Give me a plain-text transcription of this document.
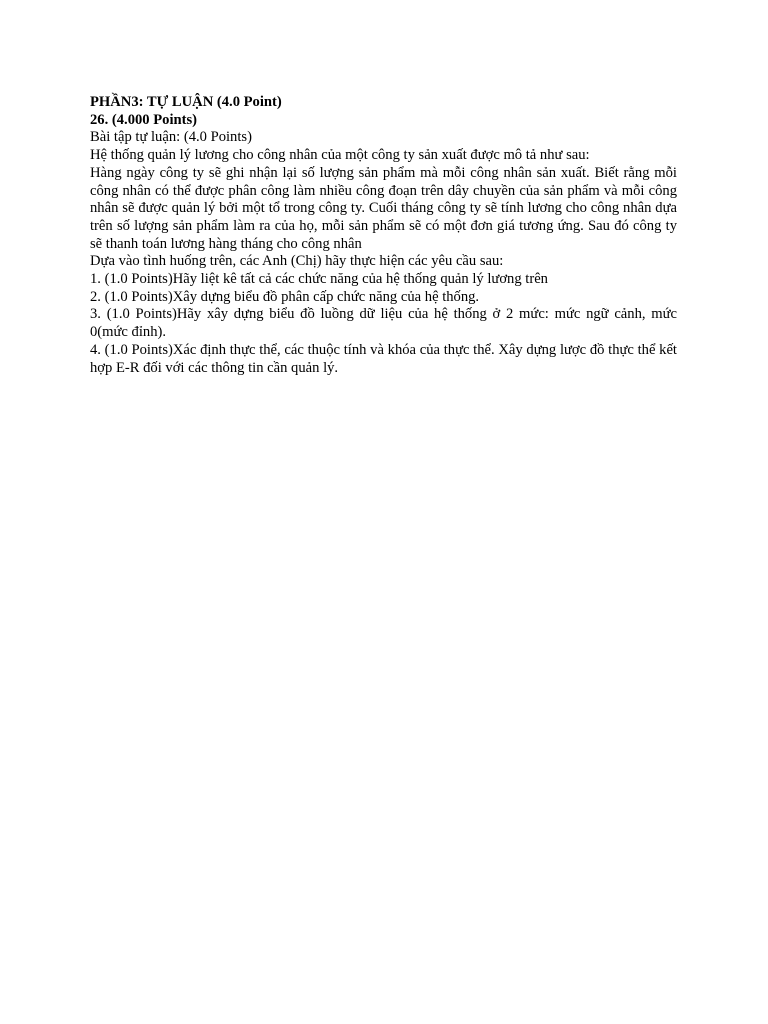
PHẦN3: TỰ LUẬN (4.0 Point)

26. (4.000 Points)

Bài tập tự luận: (4.0 Points)

Hệ thống quản lý lương cho công nhân của một công ty sản xuất được mô tả như sau:

Hàng ngày công ty sẽ ghi nhận lại số lượng sản phẩm mà mỗi công nhân sản xuất. Biết rằng mỗi công nhân có thể được phân công làm nhiều công đoạn trên dây chuyền của sản phẩm và mỗi công nhân sẽ được quản lý bởi một tổ trong công ty. Cuối tháng công ty sẽ tính lương cho công nhân dựa trên số lượng sản phẩm làm ra của họ, mỗi sản phẩm sẽ có một đơn giá tương ứng. Sau đó công ty sẽ thanh toán lương hàng tháng cho công nhân

Dựa vào tình huống trên, các Anh (Chị) hãy thực hiện các yêu cầu sau:

1. (1.0 Points)Hãy liệt kê tất cả các chức năng của hệ thống quản lý lương trên

2. (1.0 Points)Xây dựng biểu đồ phân cấp chức năng của hệ thống.

3. (1.0 Points)Hãy xây dựng biểu đồ luồng dữ liệu của hệ thống ở 2 mức: mức ngữ cảnh, mức 0(mức đỉnh).

4. (1.0 Points)Xác định thực thể, các thuộc tính và khóa của thực thể. Xây dựng lược đồ thực thể kết hợp E-R đối với các thông tin cần quản lý.
